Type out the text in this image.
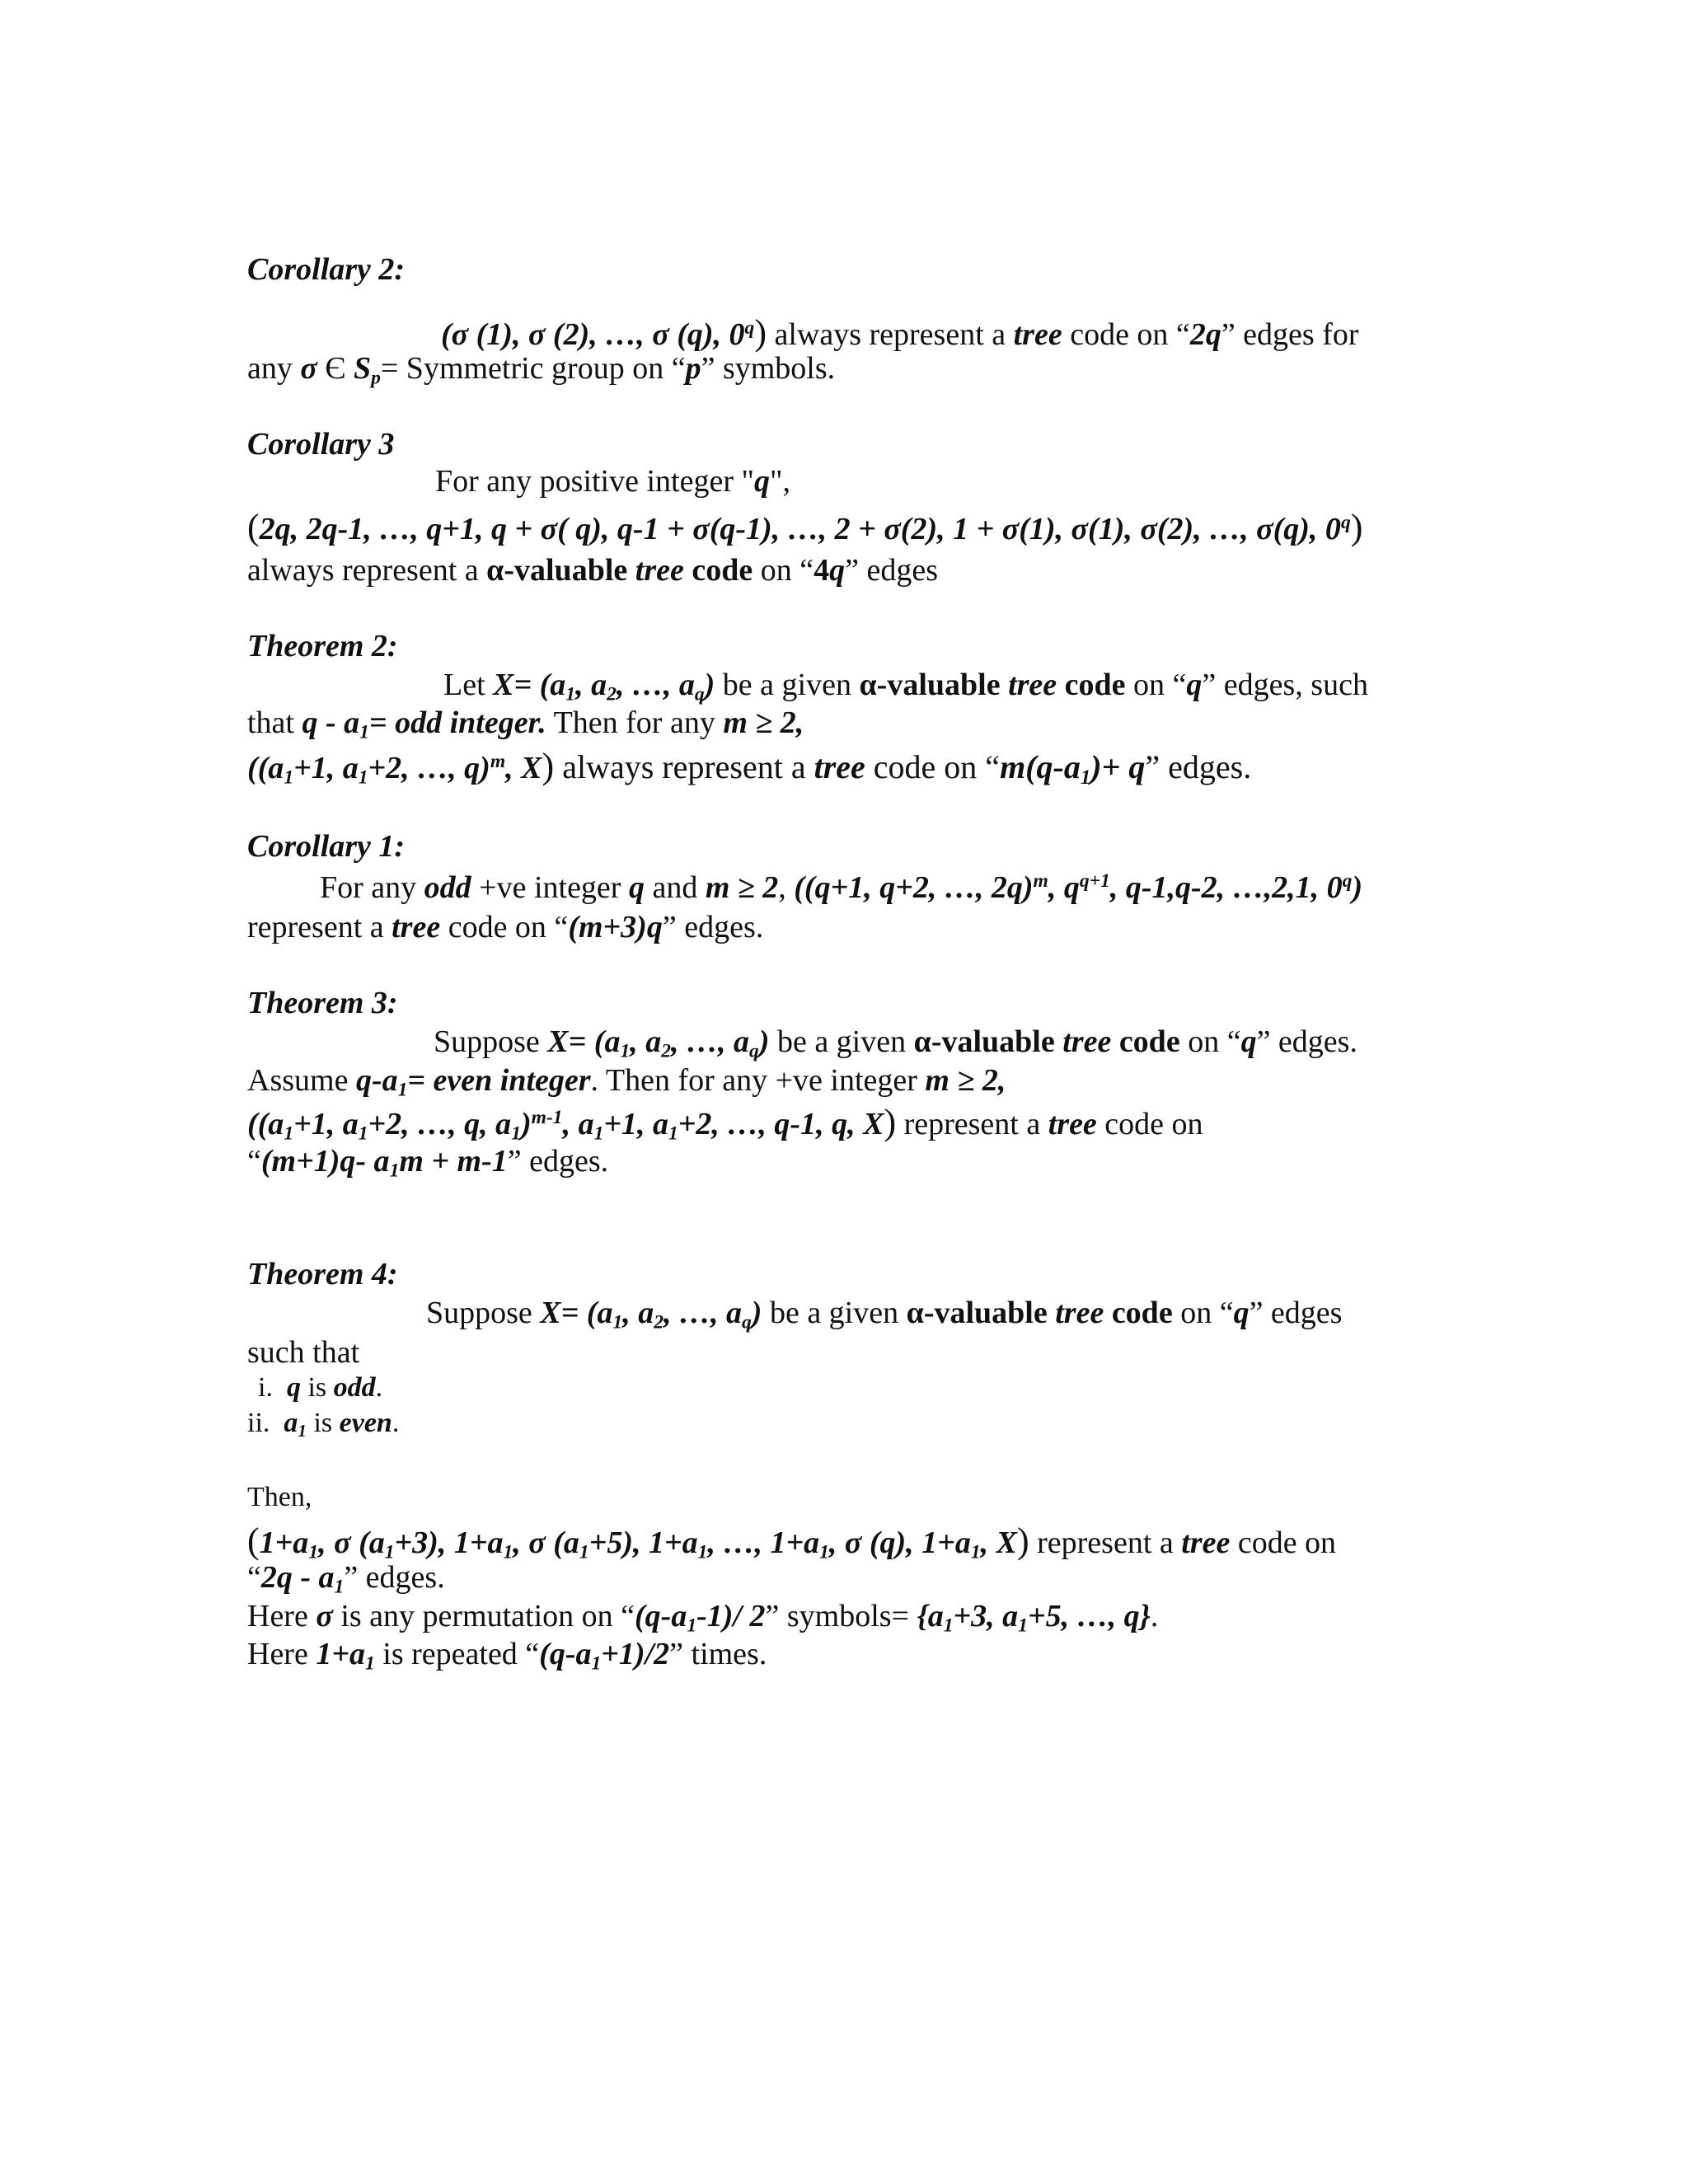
Corollary 2:
(σ (1), σ (2), …, σ (q), 0$^q$) always represent a tree code on “2q” edges for
any σ Є $S_p=$ Symmetric group on “p” symbols.
Corollary 3
For any positive integer "q",
(2q, 2q-1, …, q+1, q + σ( q), q-1 + σ(q-1), …, 2 + σ(2), 1 + σ(1), σ(1), σ(2), …, σ(q), 0$^q$)
always represent a α-valuable tree code on “4q” edges
Theorem 2:
Let $X= (a_1$, $a_2$, …, $a_q$) be a given α-valuable tree code on “q” edges, such
that $q - a_1=$ odd integer. Then for any m ≥ 2,
(($a_1+1$, $a_1+2$, …, q)$^m$, X) always represent a tree code on “$m(q-a_1)+ q$” edges.
Corollary 1:
For any odd +ve integer q and m ≥ 2, ((q+1, q+2, …, 2q)$^m$, $q^{q+1}$, q-1,q-2, …,2,1, 0$^q$)
represent a tree code on “(m+3)q” edges.
Theorem 3:
Suppose $X= (a_1$, $a_2$, …, $a_q$) be a given α-valuable tree code on “q” edges.
Assume $q-a_1=$ even integer. Then for any +ve integer m ≥ 2,
(($a_1+1$, $a_1+2$, …, q, $a_1)^{m-1}$, $a_1+1$, $a_1+2$, …, q-1, q, X) represent a tree code on
“(m+1)q- $a_1m + m-1$” edges.
Theorem 4:
Suppose $X= (a_1$, $a_2$, …, $a_q$) be a given α-valuable tree code on “q” edges
such that
i. q is odd.
ii. $a_1$ is even.
Then,
($1+a_1$, σ $(a_1+3)$, $1+a_1$, σ $(a_1+5)$, $1+a_1$, …, $1+a_1$, σ (q), $1+a_1$, X) represent a tree code on
“$2q - a_1$” edges.
Here σ is any permutation on “$(q-a_1-1)/$ 2” symbols= {$a_1+3$, $a_1+5$, …, q}.
Here $1+a_1$ is repeated “$(q-a_1+1)/2$” times.
